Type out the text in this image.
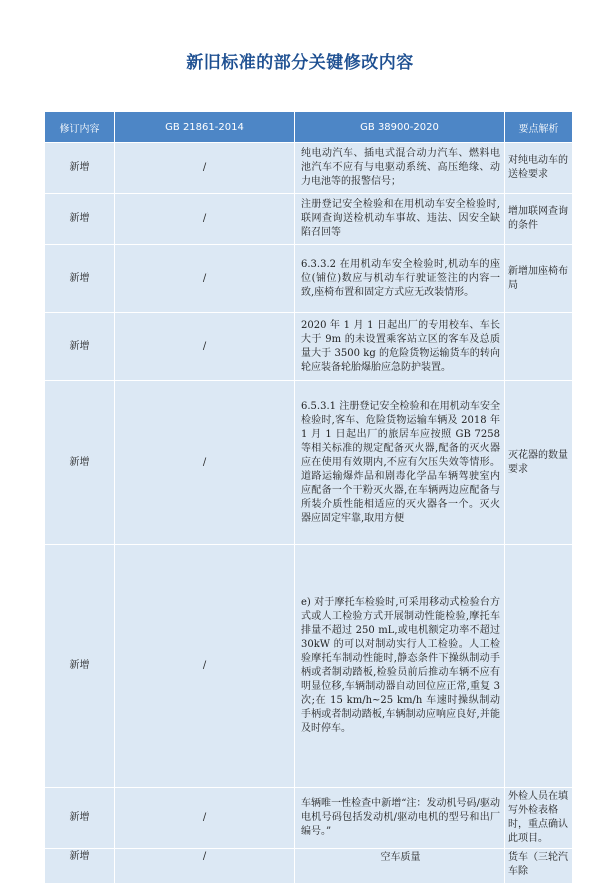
新旧标准的部分关键修改内容
修订内容	GB 21861-2014	GB 38900-2020	要点解析
新增	/	纯电动汽车、插电式混合动力汽车、燃料电池汽车不应有与电驱动系统、高压绝缘、动力电池等的报警信号；	对纯电动车的送检要求
新增	/	注册登记安全检验和在用机动车安全检验时,联网查询送检机动车事故、违法、因安全缺陷召回等	增加联网查询的条件
新增	/	6.3.3.2 在用机动车安全检验时,机动车的座位(铺位)数应与机动车行驶证签注的内容一致,座椅布置和固定方式应无改装情形。	新增加座椅布局
新增	/	2020 年 1 月 1 日起出厂的专用校车、车长大于 9m 的未设置乘客站立区的客车及总质量大于 3500 kg 的危险货物运输货车的转向轮应装备轮胎爆胎应急防护装置。	
新增	/	6.5.3.1 注册登记安全检验和在用机动车安全检验时,客车、危险货物运输车辆及 2018 年 1 月 1 日起出厂的旅居车应按照 GB 7258 等相关标准的规定配备灭火器,配备的灭火器应在使用有效期内,不应有欠压失效等情形。道路运输爆炸品和剧毒化学品车辆驾驶室内应配备一个干粉灭火器,在车辆两边应配备与所装介质性能相适应的灭火器各一个。灭火器应固定牢靠,取用方便	灭花器的数量要求
新增	/	e) 对于摩托车检验时,可采用移动式检验台方式或人工检验方式开展制动性能检验,摩托车排量不超过 250 mL,或电机额定功率不超过 30kW 的可以对制动实行人工检验。人工检验摩托车制动性能时,静态条件下操纵制动手柄或者制动踏板,检验员前后推动车辆不应有明显位移,车辆制动器自动回位应正常,重复 3 次;在 15 km/h~25 km/h 车速时操纵制动手柄或者制动踏板,车辆制动应响应良好,并能及时停车。	
新增	/	车辆唯一性检查中新增“注：发动机号码/驱动电机号码包括发动机/驱动电机的型号和出厂编号。”	外检人员在填写外检表格时，重点确认此项目。
新增	/	空车质量	货车（三轮汽车除
